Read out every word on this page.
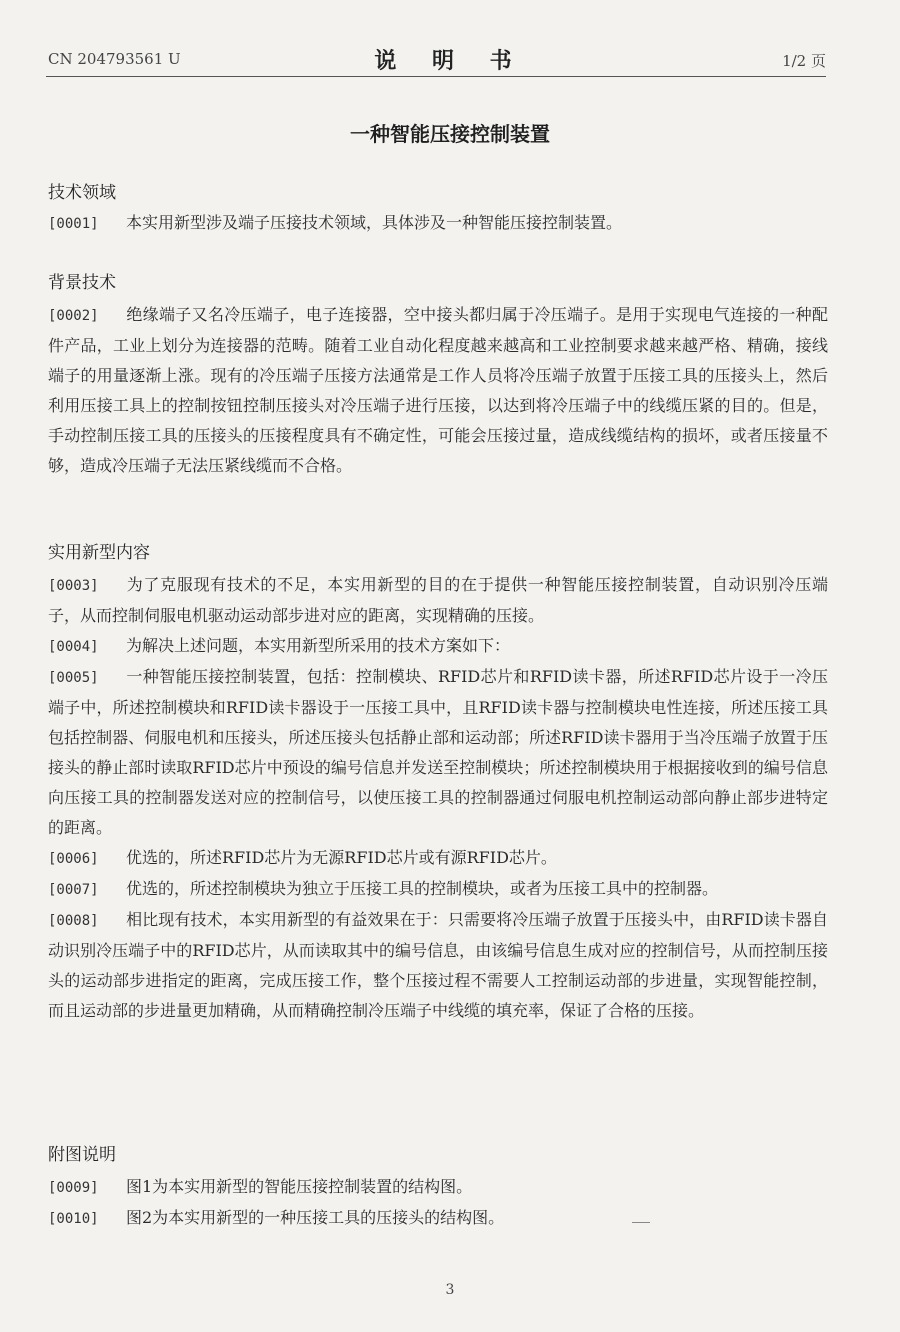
CN 204793561 U	说 明 书	1/2 页
一种智能压接控制装置
技术领域
[0001] 本实用新型涉及端子压接技术领域，具体涉及一种智能压接控制装置。
背景技术
[0002] 绝缘端子又名冷压端子，电子连接器，空中接头都归属于冷压端子。是用于实现电气连接的一种配件产品，工业上划分为连接器的范畴。随着工业自动化程度越来越高和工业控制要求越来越严格、精确，接线端子的用量逐渐上涨。现有的冷压端子压接方法通常是工作人员将冷压端子放置于压接工具的压接头上，然后利用压接工具上的控制按钮控制压接头对冷压端子进行压接，以达到将冷压端子中的线缆压紧的目的。但是，手动控制压接工具的压接头的压接程度具有不确定性，可能会压接过量，造成线缆结构的损坏，或者压接量不够，造成冷压端子无法压紧线缆而不合格。
实用新型内容
[0003] 为了克服现有技术的不足，本实用新型的目的在于提供一种智能压接控制装置，自动识别冷压端子，从而控制伺服电机驱动运动部步进对应的距离，实现精确的压接。
[0004] 为解决上述问题，本实用新型所采用的技术方案如下：
[0005] 一种智能压接控制装置，包括：控制模块、RFID芯片和RFID读卡器，所述RFID芯片设于一冷压端子中，所述控制模块和RFID读卡器设于一压接工具中，且RFID读卡器与控制模块电性连接，所述压接工具包括控制器、伺服电机和压接头，所述压接头包括静止部和运动部；所述RFID读卡器用于当冷压端子放置于压接头的静止部时读取RFID芯片中预设的编号信息并发送至控制模块；所述控制模块用于根据接收到的编号信息向压接工具的控制器发送对应的控制信号，以使压接工具的控制器通过伺服电机控制运动部向静止部步进特定的距离。
[0006] 优选的，所述RFID芯片为无源RFID芯片或有源RFID芯片。
[0007] 优选的，所述控制模块为独立于压接工具的控制模块，或者为压接工具中的控制器。
[0008] 相比现有技术，本实用新型的有益效果在于：只需要将冷压端子放置于压接头中，由RFID读卡器自动识别冷压端子中的RFID芯片，从而读取其中的编号信息，由该编号信息生成对应的控制信号，从而控制压接头的运动部步进指定的距离，完成压接工作，整个压接过程不需要人工控制运动部的步进量，实现智能控制，而且运动部的步进量更加精确，从而精确控制冷压端子中线缆的填充率，保证了合格的压接。
附图说明
[0009] 图1为本实用新型的智能压接控制装置的结构图。
[0010] 图2为本实用新型的一种压接工具的压接头的结构图。
3
